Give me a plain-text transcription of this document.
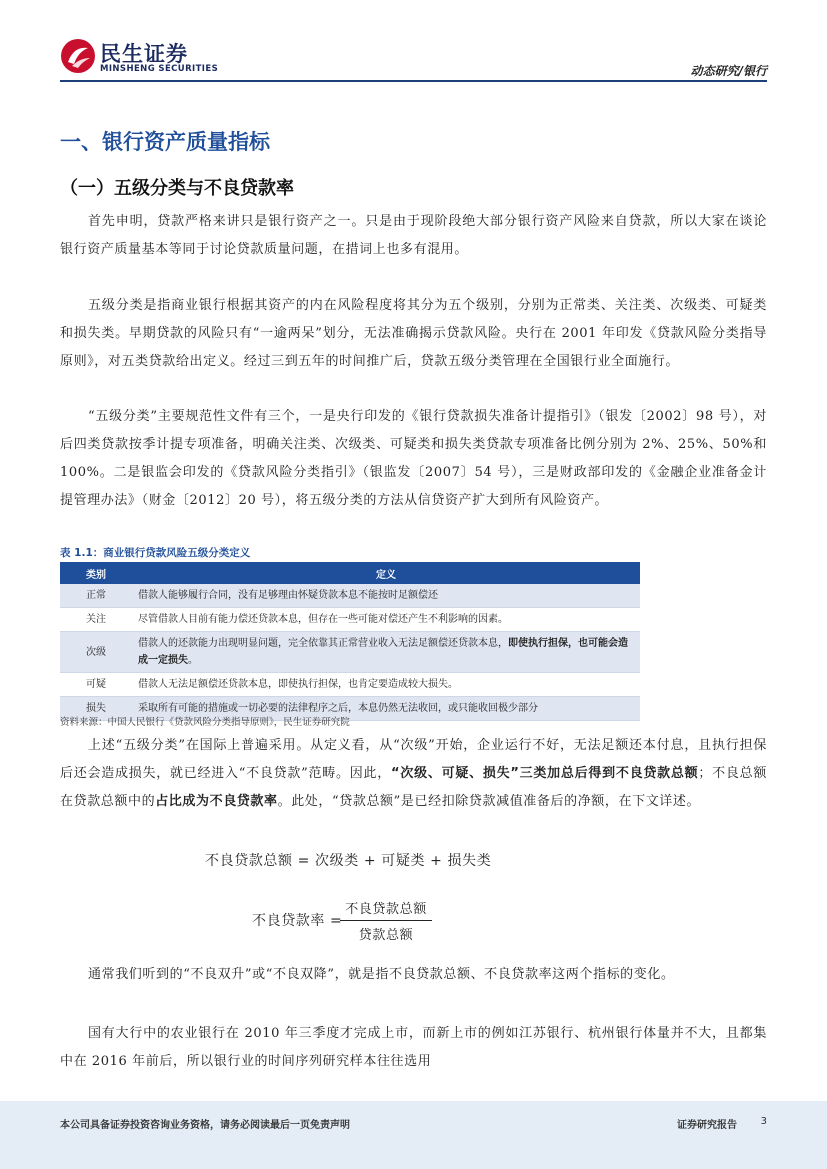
民生证券
MINSHENG SECURITIES	动态研究/银行
一、银行资产质量指标
（一）五级分类与不良贷款率

首先申明，贷款严格来讲只是银行资产之一。只是由于现阶段绝大部分银行资产风险来自贷款，所以大家在谈论银行资产质量基本等同于讨论贷款质量问题，在措词上也多有混用。

五级分类是指商业银行根据其资产的内在风险程度将其分为五个级别，分别为正常类、关注类、次级类、可疑类和损失类。早期贷款的风险只有“一逾两呆”划分，无法准确揭示贷款风险。央行在 2001 年印发《贷款风险分类指导原则》，对五类贷款给出定义。经过三到五年的时间推广后，贷款五级分类管理在全国银行业全面施行。

“五级分类”主要规范性文件有三个，一是央行印发的《银行贷款损失准备计提指引》（银发〔2002〕98 号），对后四类贷款按季计提专项准备，明确关注类、次级类、可疑类和损失类贷款专项准备比例分别为 2%、25%、50%和 100%。二是银监会印发的《贷款风险分类指引》（银监发〔2007〕54 号），三是财政部印发的《金融企业准备金计提管理办法》（财金〔2012〕20 号），将五级分类的方法从信贷资产扩大到所有风险资产。

表 1.1：商业银行贷款风险五级分类定义
类别	定义
正常	借款人能够履行合同，没有足够理由怀疑贷款本息不能按时足额偿还
关注	尽管借款人目前有能力偿还贷款本息，但存在一些可能对偿还产生不利影响的因素。
次级	借款人的还款能力出现明显问题，完全依靠其正常营业收入无法足额偿还贷款本息，即使执行担保，也可能会造成一定损失。
可疑	借款人无法足额偿还贷款本息，即使执行担保，也肯定要造成较大损失。
损失	采取所有可能的措施或一切必要的法律程序之后，本息仍然无法收回，或只能收回极少部分
资料来源：中国人民银行《贷款风险分类指导原则》，民生证券研究院

上述“五级分类”在国际上普遍采用。从定义看，从“次级”开始，企业运行不好，无法足额还本付息，且执行担保后还会造成损失，就已经进入“不良贷款”范畴。因此，“次级、可疑、损失”三类加总后得到不良贷款总额；不良总额在贷款总额中的占比成为不良贷款率。此处，“贷款总额”是已经扣除贷款减值准备后的净额，在下文详述。

不良贷款总额 = 次级类 + 可疑类 + 损失类
不良贷款率 =
不良贷款总额
贷款总额

通常我们听到的“不良双升”或“不良双降”，就是指不良贷款总额、不良贷款率这两个指标的变化。

国有大行中的农业银行在 2010 年三季度才完成上市，而新上市的例如江苏银行、杭州银行体量并不大，且都集中在 2016 年前后，所以银行业的时间序列研究样本往往选用

本公司具备证券投资咨询业务资格，请务必阅读最后一页免责声明	证券研究报告 3
